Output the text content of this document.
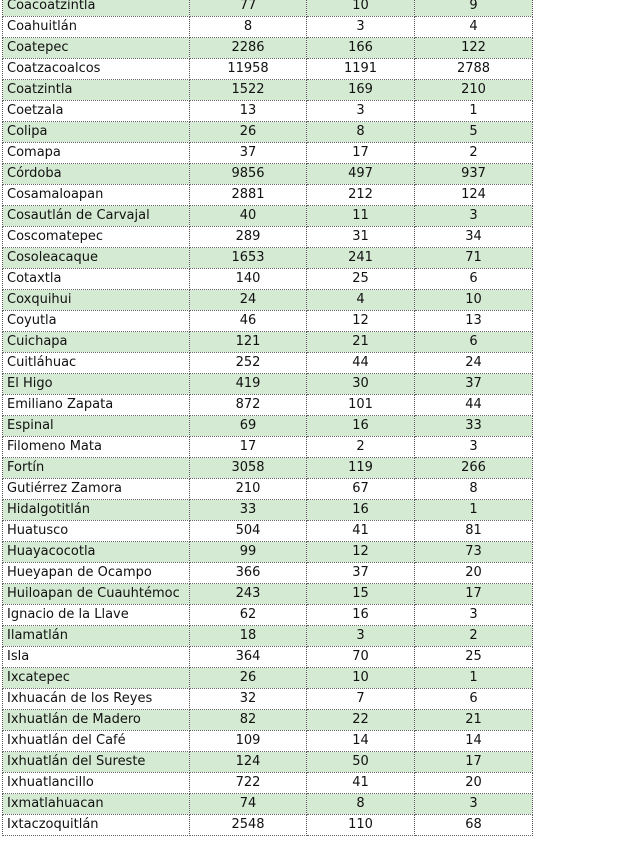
Coacoatzintla	77	10	9
Coahuitlán	8	3	4
Coatepec	2286	166	122
Coatzacoalcos	11958	1191	2788
Coatzintla	1522	169	210
Coetzala	13	3	1
Colipa	26	8	5
Comapa	37	17	2
Córdoba	9856	497	937
Cosamaloapan	2881	212	124
Cosautlán de Carvajal	40	11	3
Coscomatepec	289	31	34
Cosoleacaque	1653	241	71
Cotaxtla	140	25	6
Coxquihui	24	4	10
Coyutla	46	12	13
Cuichapa	121	21	6
Cuitláhuac	252	44	24
El Higo	419	30	37
Emiliano Zapata	872	101	44
Espinal	69	16	33
Filomeno Mata	17	2	3
Fortín	3058	119	266
Gutiérrez Zamora	210	67	8
Hidalgotitlán	33	16	1
Huatusco	504	41	81
Huayacocotla	99	12	73
Hueyapan de Ocampo	366	37	20
Huiloapan de Cuauhtémoc	243	15	17
Ignacio de la Llave	62	16	3
Ilamatlán	18	3	2
Isla	364	70	25
Ixcatepec	26	10	1
Ixhuacán de los Reyes	32	7	6
Ixhuatlán de Madero	82	22	21
Ixhuatlán del Café	109	14	14
Ixhuatlán del Sureste	124	50	17
Ixhuatlancillo	722	41	20
Ixmatlahuacan	74	8	3
Ixtaczoquitlán	2548	110	68
